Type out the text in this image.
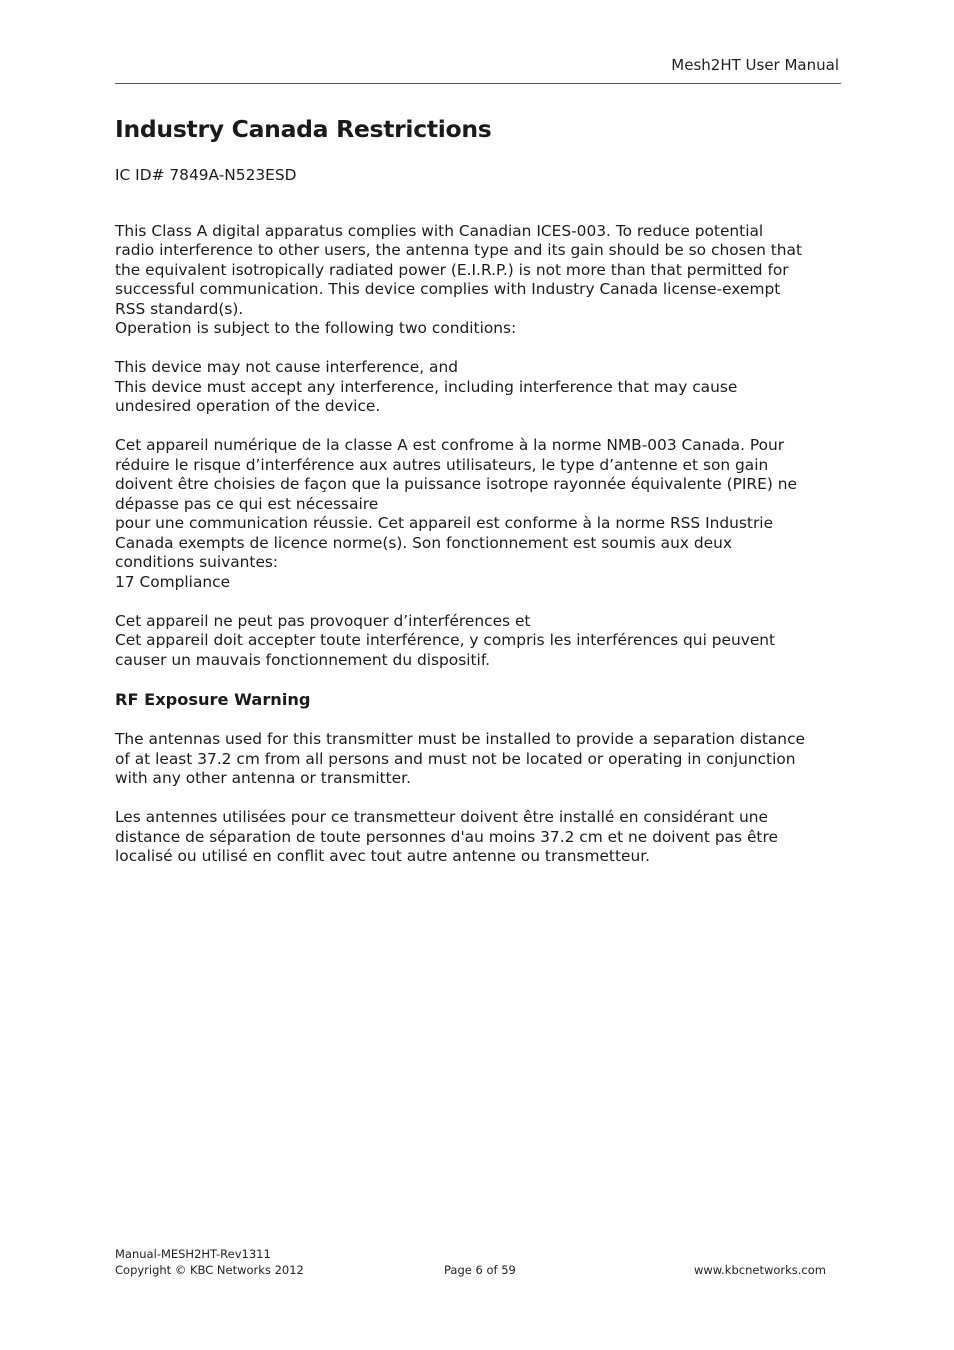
Mesh2HT User Manual
Industry Canada Restrictions

IC ID# 7849A-N523ESD

This Class A digital apparatus complies with Canadian ICES-003. To reduce potential

radio interference to other users, the antenna type and its gain should be so chosen that

the equivalent isotropically radiated power (E.I.R.P.) is not more than that permitted for

successful communication. This device complies with Industry Canada license-exempt

RSS standard(s).

Operation is subject to the following two conditions:

This device may not cause interference, and

This device must accept any interference, including interference that may cause

undesired operation of the device.

Cet appareil numérique de la classe A est confrome à la norme NMB-003 Canada. Pour

réduire le risque d’interférence aux autres utilisateurs, le type d’antenne et son gain

doivent être choisies de façon que la puissance isotrope rayonnée équivalente (PIRE) ne

dépasse pas ce qui est nécessaire

pour une communication réussie. Cet appareil est conforme à la norme RSS Industrie

Canada exempts de licence norme(s). Son fonctionnement est soumis aux deux

conditions suivantes:

17 Compliance

Cet appareil ne peut pas provoquer d’interférences et

Cet appareil doit accepter toute interférence, y compris les interférences qui peuvent

causer un mauvais fonctionnement du dispositif.

RF Exposure Warning

The antennas used for this transmitter must be installed to provide a separation distance

of at least 37.2 cm from all persons and must not be located or operating in conjunction

with any other antenna or transmitter.

Les antennes utilisées pour ce transmetteur doivent être installé en considérant une

distance de séparation de toute personnes d'au moins 37.2 cm et ne doivent pas être

localisé ou utilisé en conflit avec tout autre antenne ou transmetteur.

Manual-MESH2HT-Rev1311
Copyright © KBC Networks 2012	Page 6 of 59	www.kbcnetworks.com
